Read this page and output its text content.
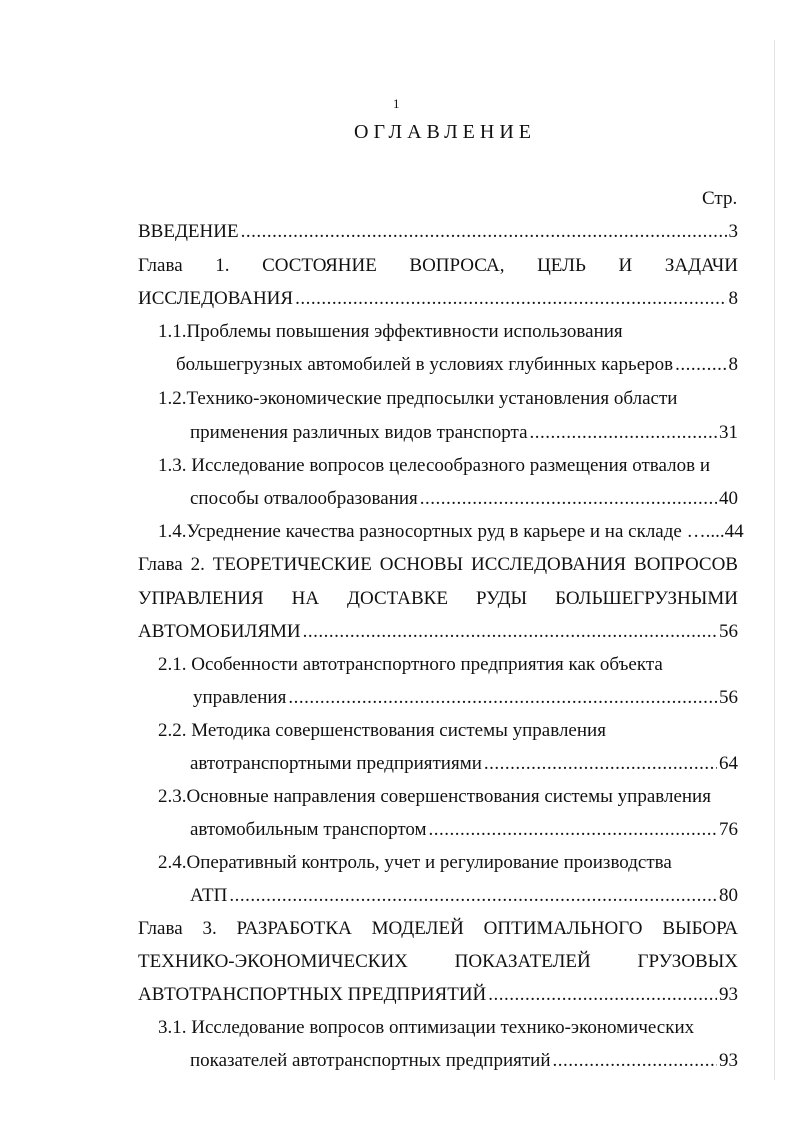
1
ОГЛАВЛЕНИЕ
Стр.
ВВЕДЕНИЕ .....	3
Глава 1. СОСТОЯНИЕ ВОПРОСА, ЦЕЛЬ И ЗАДАЧИ
ИССЛЕДОВАНИЯ .....	8
1.1.Проблемы повышения эффективности использования
большегрузных автомобилей в условиях глубинных карьеров .....	8
1.2.Технико-экономические предпосылки установления области
применения различных видов транспорта .....	31
1.3. Исследование вопросов целесообразного размещения отвалов и
способы отвалообразования .....	40
1.4.Усреднение качества разносортных руд в карьере и на складе …....44
Глава 2. ТЕОРЕТИЧЕСКИЕ ОСНОВЫ ИССЛЕДОВАНИЯ ВОПРОСОВ
УПРАВЛЕНИЯ НА ДОСТАВКЕ РУДЫ БОЛЬШЕГРУЗНЫМИ
АВТОМОБИЛЯМИ .....	56
2.1. Особенности автотранспортного предприятия как объекта
управления .....	56
2.2. Методика совершенствования системы управления
автотранспортными предприятиями .....	64
2.3.Основные направления совершенствования системы управления
автомобильным транспортом .....	76
2.4.Оперативный контроль, учет и регулирование производства
АТП .....	80
Глава 3. РАЗРАБОТКА МОДЕЛЕЙ ОПТИМАЛЬНОГО ВЫБОРА
ТЕХНИКО-ЭКОНОМИЧЕСКИХ ПОКАЗАТЕЛЕЙ ГРУЗОВЫХ
АВТОТРАНСПОРТНЫХ ПРЕДПРИЯТИЙ .....	93
3.1. Исследование вопросов оптимизации технико-экономических
показателей автотранспортных предприятий .....	93
